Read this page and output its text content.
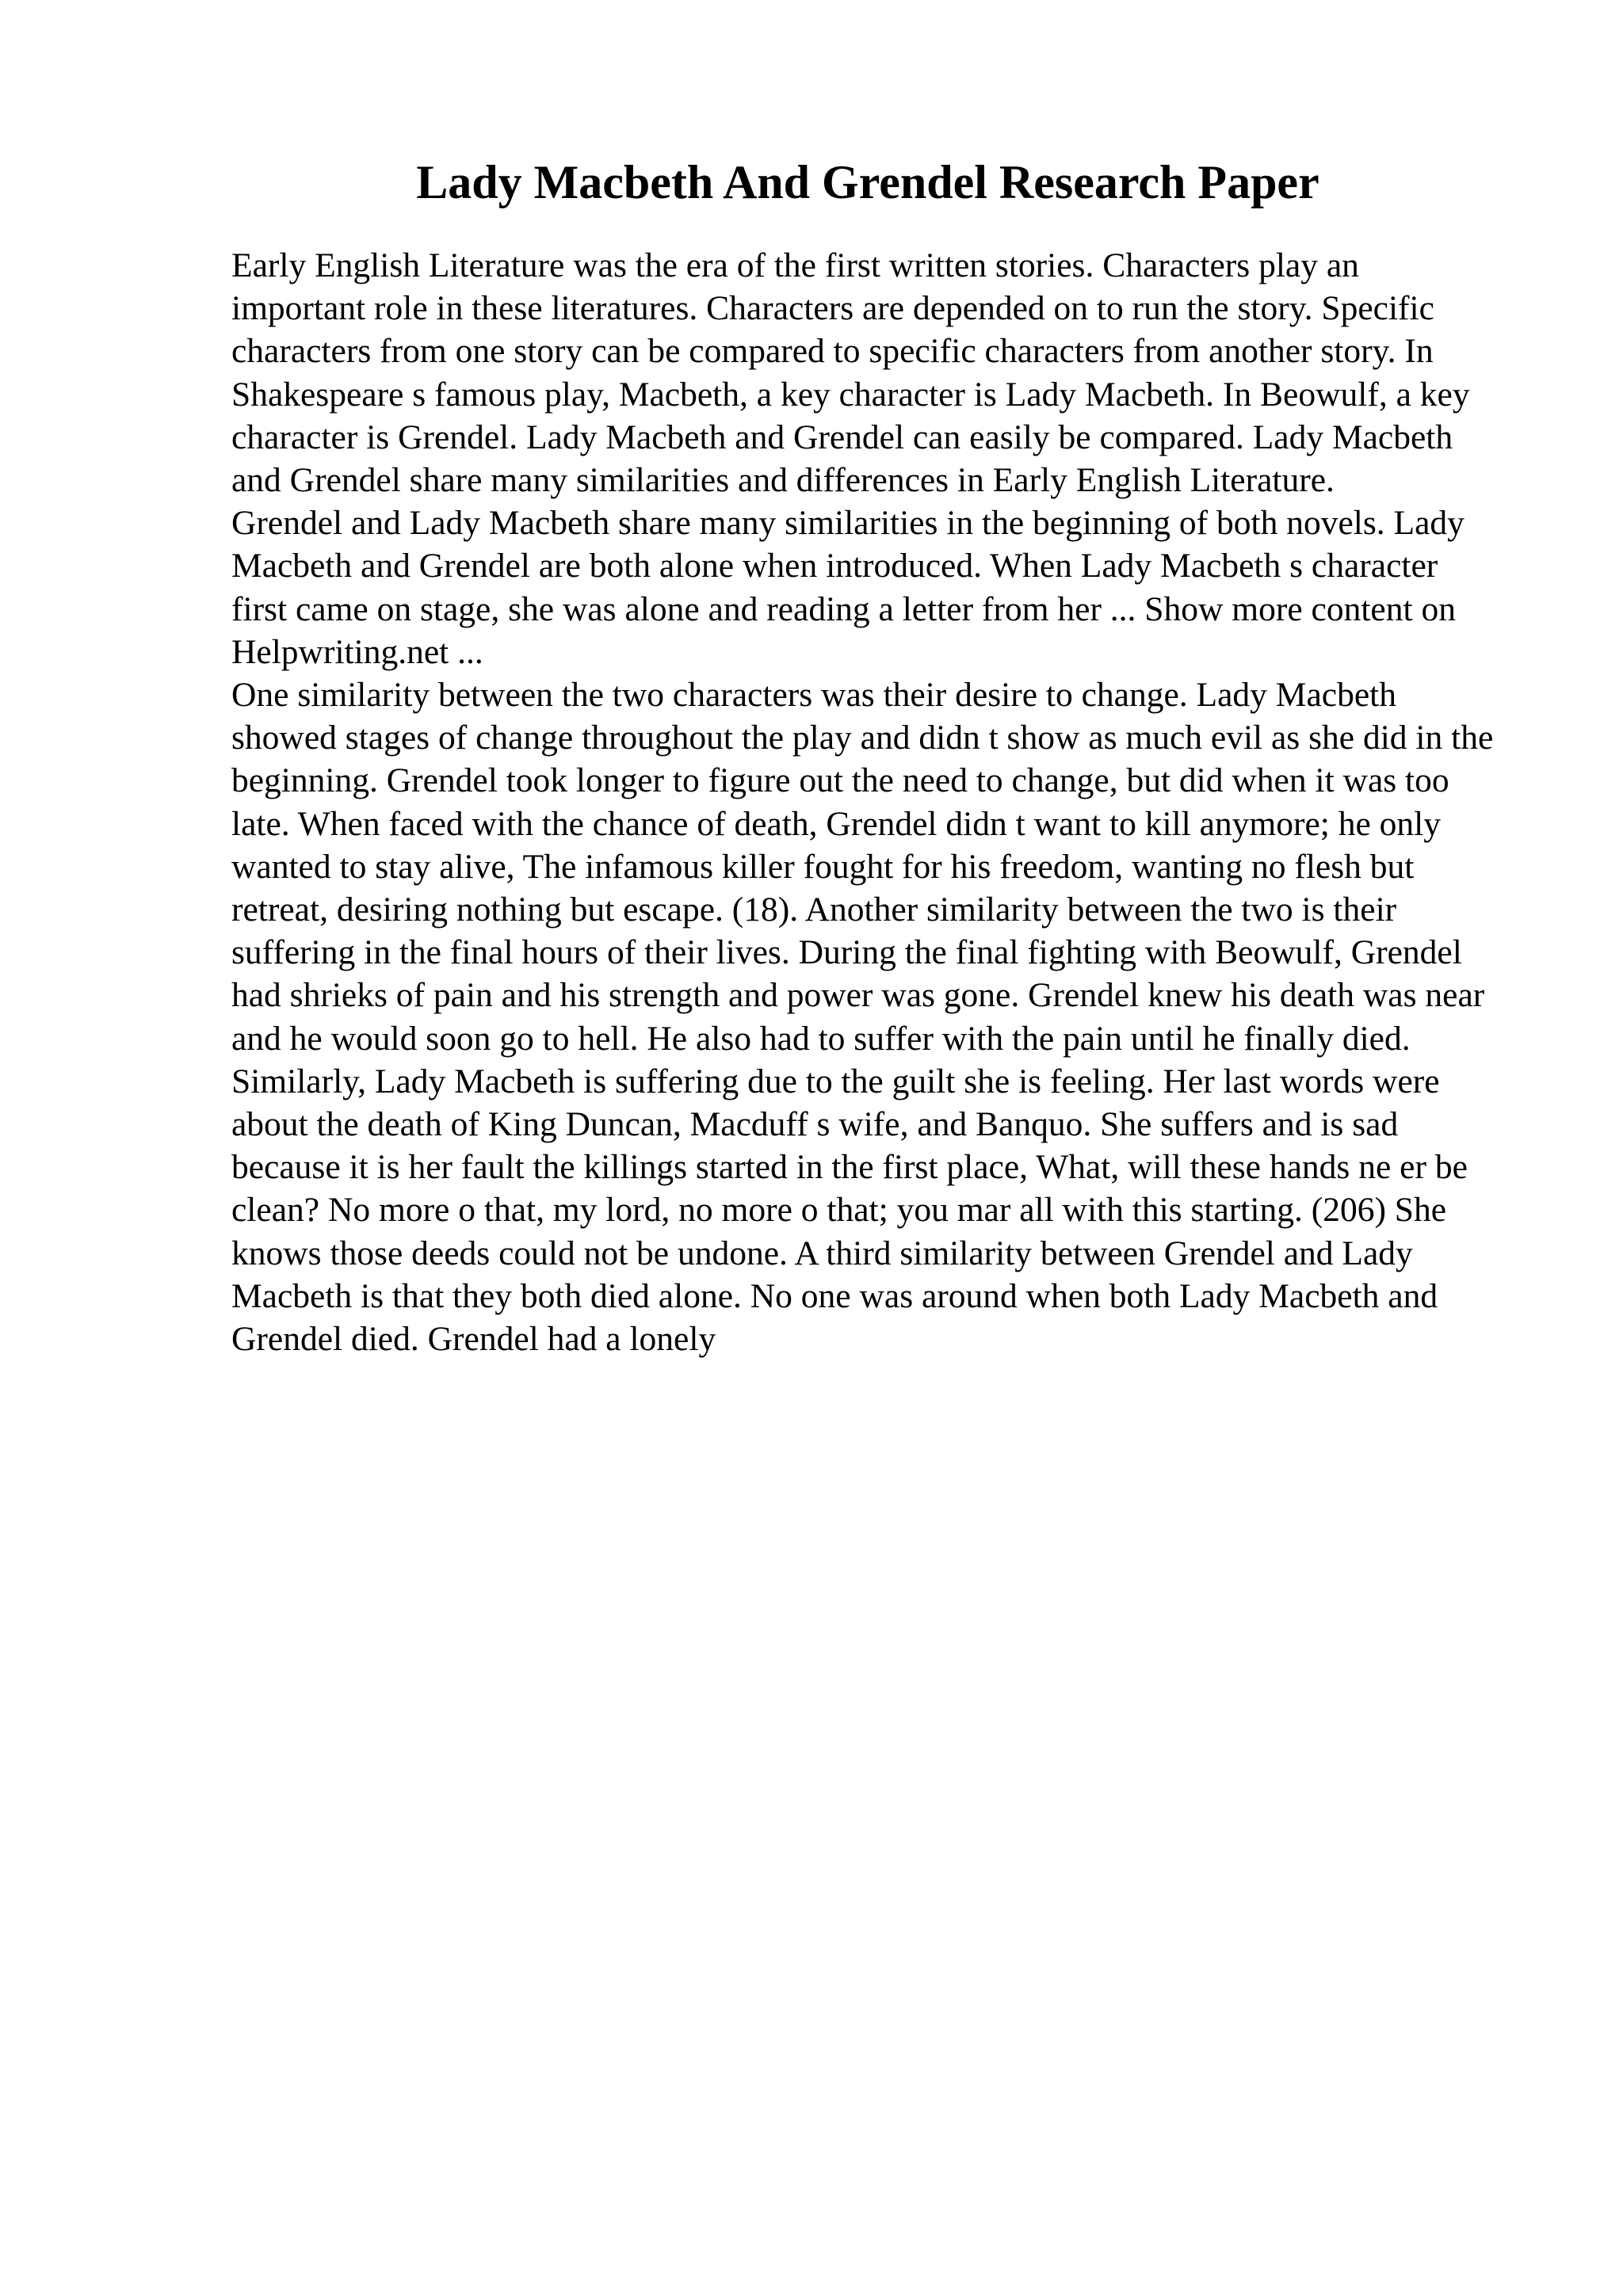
Lady Macbeth And Grendel Research Paper

Early English Literature was the era of the first written stories. Characters play an important role in these literatures. Characters are depended on to run the story. Specific characters from one story can be compared to specific characters from another story. In Shakespeare s famous play, Macbeth, a key character is Lady Macbeth. In Beowulf, a key character is Grendel. Lady Macbeth and Grendel can easily be compared. Lady Macbeth and Grendel share many similarities and differences in Early English Literature.

Grendel and Lady Macbeth share many similarities in the beginning of both novels. Lady Macbeth and Grendel are both alone when introduced. When Lady Macbeth s character first came on stage, she was alone and reading a letter from her ... Show more content on Helpwriting.net ...

One similarity between the two characters was their desire to change. Lady Macbeth showed stages of change throughout the play and didn t show as much evil as she did in the beginning. Grendel took longer to figure out the need to change, but did when it was too late. When faced with the chance of death, Grendel didn t want to kill anymore; he only wanted to stay alive, The infamous killer fought for his freedom, wanting no flesh but retreat, desiring nothing but escape. (18). Another similarity between the two is their suffering in the final hours of their lives. During the final fighting with Beowulf, Grendel had shrieks of pain and his strength and power was gone. Grendel knew his death was near and he would soon go to hell. He also had to suffer with the pain until he finally died. Similarly, Lady Macbeth is suffering due to the guilt she is feeling. Her last words were about the death of King Duncan, Macduff s wife, and Banquo. She suffers and is sad because it is her fault the killings started in the first place, What, will these hands ne er be clean? No more o that, my lord, no more o that; you mar all with this starting. (206) She knows those deeds could not be undone. A third similarity between Grendel and Lady Macbeth is that they both died alone. No one was around when both Lady Macbeth and Grendel died. Grendel had a lonely
